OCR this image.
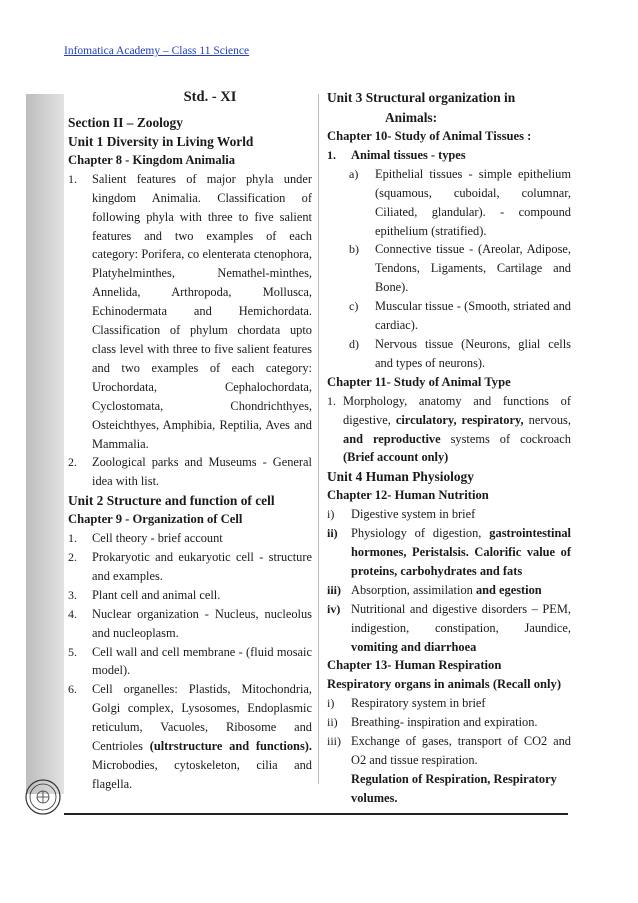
Infomatica Academy – Class 11 Science
Std. - XI
Section II – Zoology
Unit 1 Diversity in Living World
Chapter 8 - Kingdom Animalia
1.	Salient features of major phyla under kingdom Animalia. Classification of following phyla with three to five salient features and two examples of each category: Porifera, co elenterata ctenophora, Platyhelminthes, Nemathel-minthes, Annelida, Arthropoda, Mollusca, Echinodermata and Hemichordata. Classification of phylum chordata upto class level with three to five salient features and two examples of each category: Urochordata, Cephalochordata, Cyclostomata, Chondrichthyes, Osteichthyes, Amphibia, Reptilia, Aves and Mammalia.
2.	Zoological parks and Museums - General idea with list.
Unit 2 Structure and function of cell
Chapter 9 - Organization of Cell
1.	Cell theory - brief account
2.	Prokaryotic and eukaryotic cell - structure and examples.
3.	Plant cell and animal cell.
4.	Nuclear organization - Nucleus, nucleolus and nucleoplasm.
5.	Cell wall and cell membrane - (fluid mosaic model).
6.	Cell organelles: Plastids, Mitochondria, Golgi complex, Lysosomes, Endoplasmic reticulum, Vacuoles, Ribosome and Centrioles (ultrstructure and functions). Microbodies, cytoskeleton, cilia and flagella.
Unit 3 Structural organization in
Animals:
Chapter 10- Study of Animal Tissues :
1.	Animal tissues - types
a)	Epithelial tissues - simple epithelium (squamous, cuboidal, columnar, Ciliated, glandular). - compound epithelium (stratified).
b)	Connective tissue - (Areolar, Adipose, Tendons, Ligaments, Cartilage and Bone).
c)	Muscular tissue - (Smooth, striated and cardiac).
d)	Nervous tissue (Neurons, glial cells and types of neurons).
Chapter 11- Study of Animal Type
1. Morphology, anatomy and functions of digestive, circulatory, respiratory, nervous, and reproductive systems of cockroach (Brief account only)
Unit 4 Human Physiology
Chapter 12- Human Nutrition
i)	Digestive system in brief
ii)	Physiology of digestion, gastrointestinal hormones, Peristalsis. Calorific value of proteins, carbohydrates and fats
iii) Absorption, assimilation and egestion
iv) Nutritional and digestive disorders – PEM, indigestion, constipation, Jaundice, vomiting and diarrhoea
Chapter 13- Human Respiration
Respiratory organs in animals (Recall only)
i)	Respiratory system in brief
ii)	Breathing- inspiration and expiration.
iii) Exchange of gases, transport of CO2 and O2 and tissue respiration.
Regulation of Respiration, Respiratory volumes.
